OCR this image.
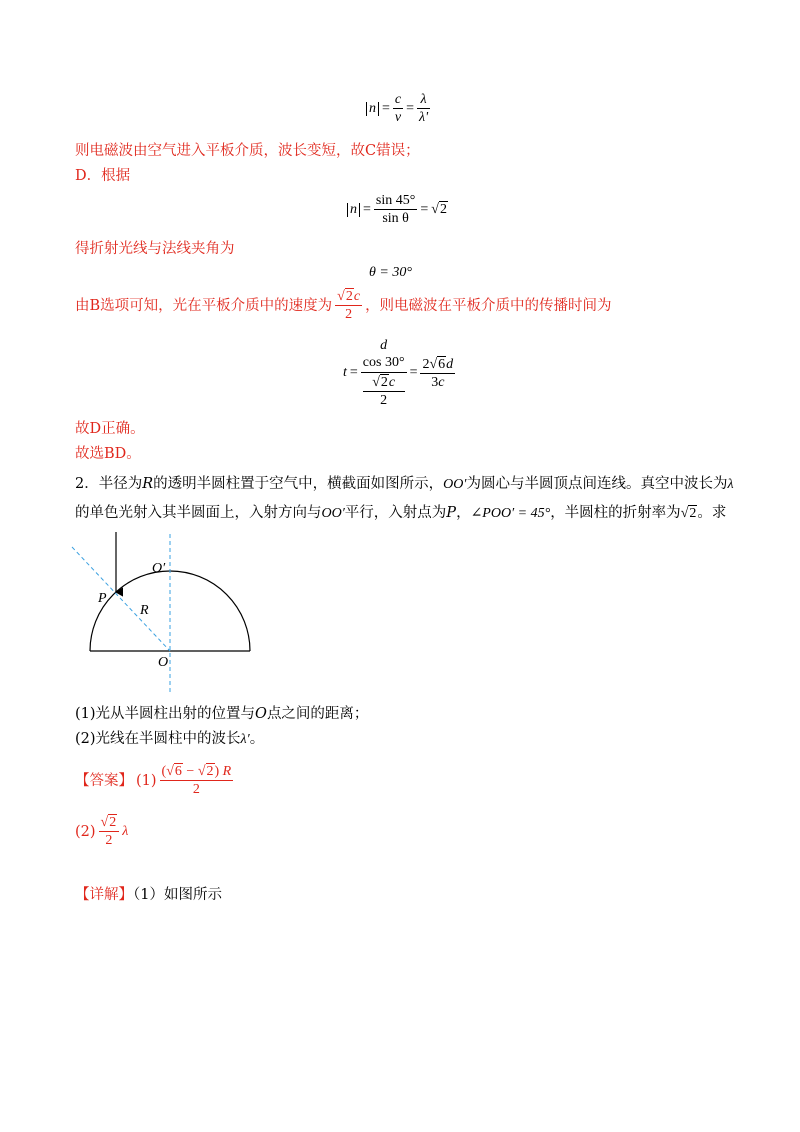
$n = \frac{c}{v} = \frac{\lambda}{\lambda'}$
则电磁波由空气进入平板介质，波长变短，故C错误；
D．根据
$n = \frac{\sin 45^\circ}{\text{sin θ}} = √2$
得折射光线与法线夹角为
θ = 30°
由B选项可知，光在平板介质中的速度为 $\frac{√2c}{2}$ ，则电磁波在平板介质中的传播时间为
t = d
cos 30°
√2c
$2 = \frac{2√6d}{3c}$
故D正确。
故选BD。
2．半径为R的透明半圆柱置于空气中，横截面如图所示，OO′为圆心与半圆顶点间连线。真空中波长为λ
的单色光射入其半圆面上，入射方向与OO′平行，入射点为P，∠POO′ = 45°，半圆柱的折射率为√2。求
O
O′
P
R
(1)光从半圆柱出射的位置与O点之间的距离；
(2)光线在半圆柱中的波长λ′。
【答案】 $(1) \frac{(√6 - √2) R}{2}$
$(2) \frac{√2}{2}$ λ
【详解】（1）如图所示
